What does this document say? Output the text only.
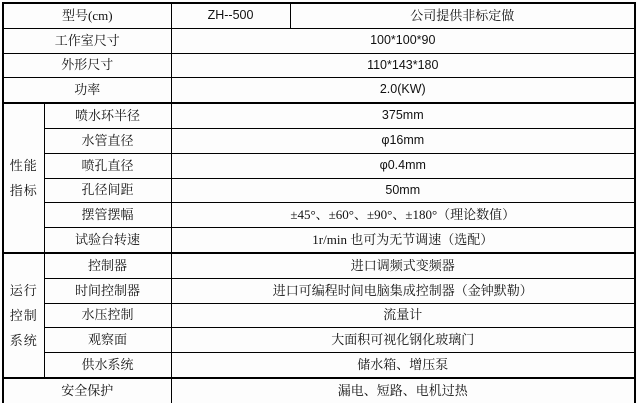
型号(cm)		ZH--500	公司提供非标定做
工作室尺寸		100*100*90	
外形尺寸		110*143*180	
功率		2.0(KW)	

性能
指标	喷水环半径	375mm	
	水管直径	φ16mm	
	喷孔直径	φ0.4mm	
	孔径间距	50mm	
	摆管摆幅	±45°、±60°、±90°、±180°（理论数值）	
	试验台转速	1r/min 也可为无节调速（选配）	

运行
控制
系统	控制器	进口调频式变频器	
	时间控制器	进口可编程时间电脑集成控制器（金钟默勒）	
	水压控制	流量计	
	观察面	大面积可视化钢化玻璃门	
	供水系统	储水箱、增压泵	
安全保护		漏电、短路、电机过热	
